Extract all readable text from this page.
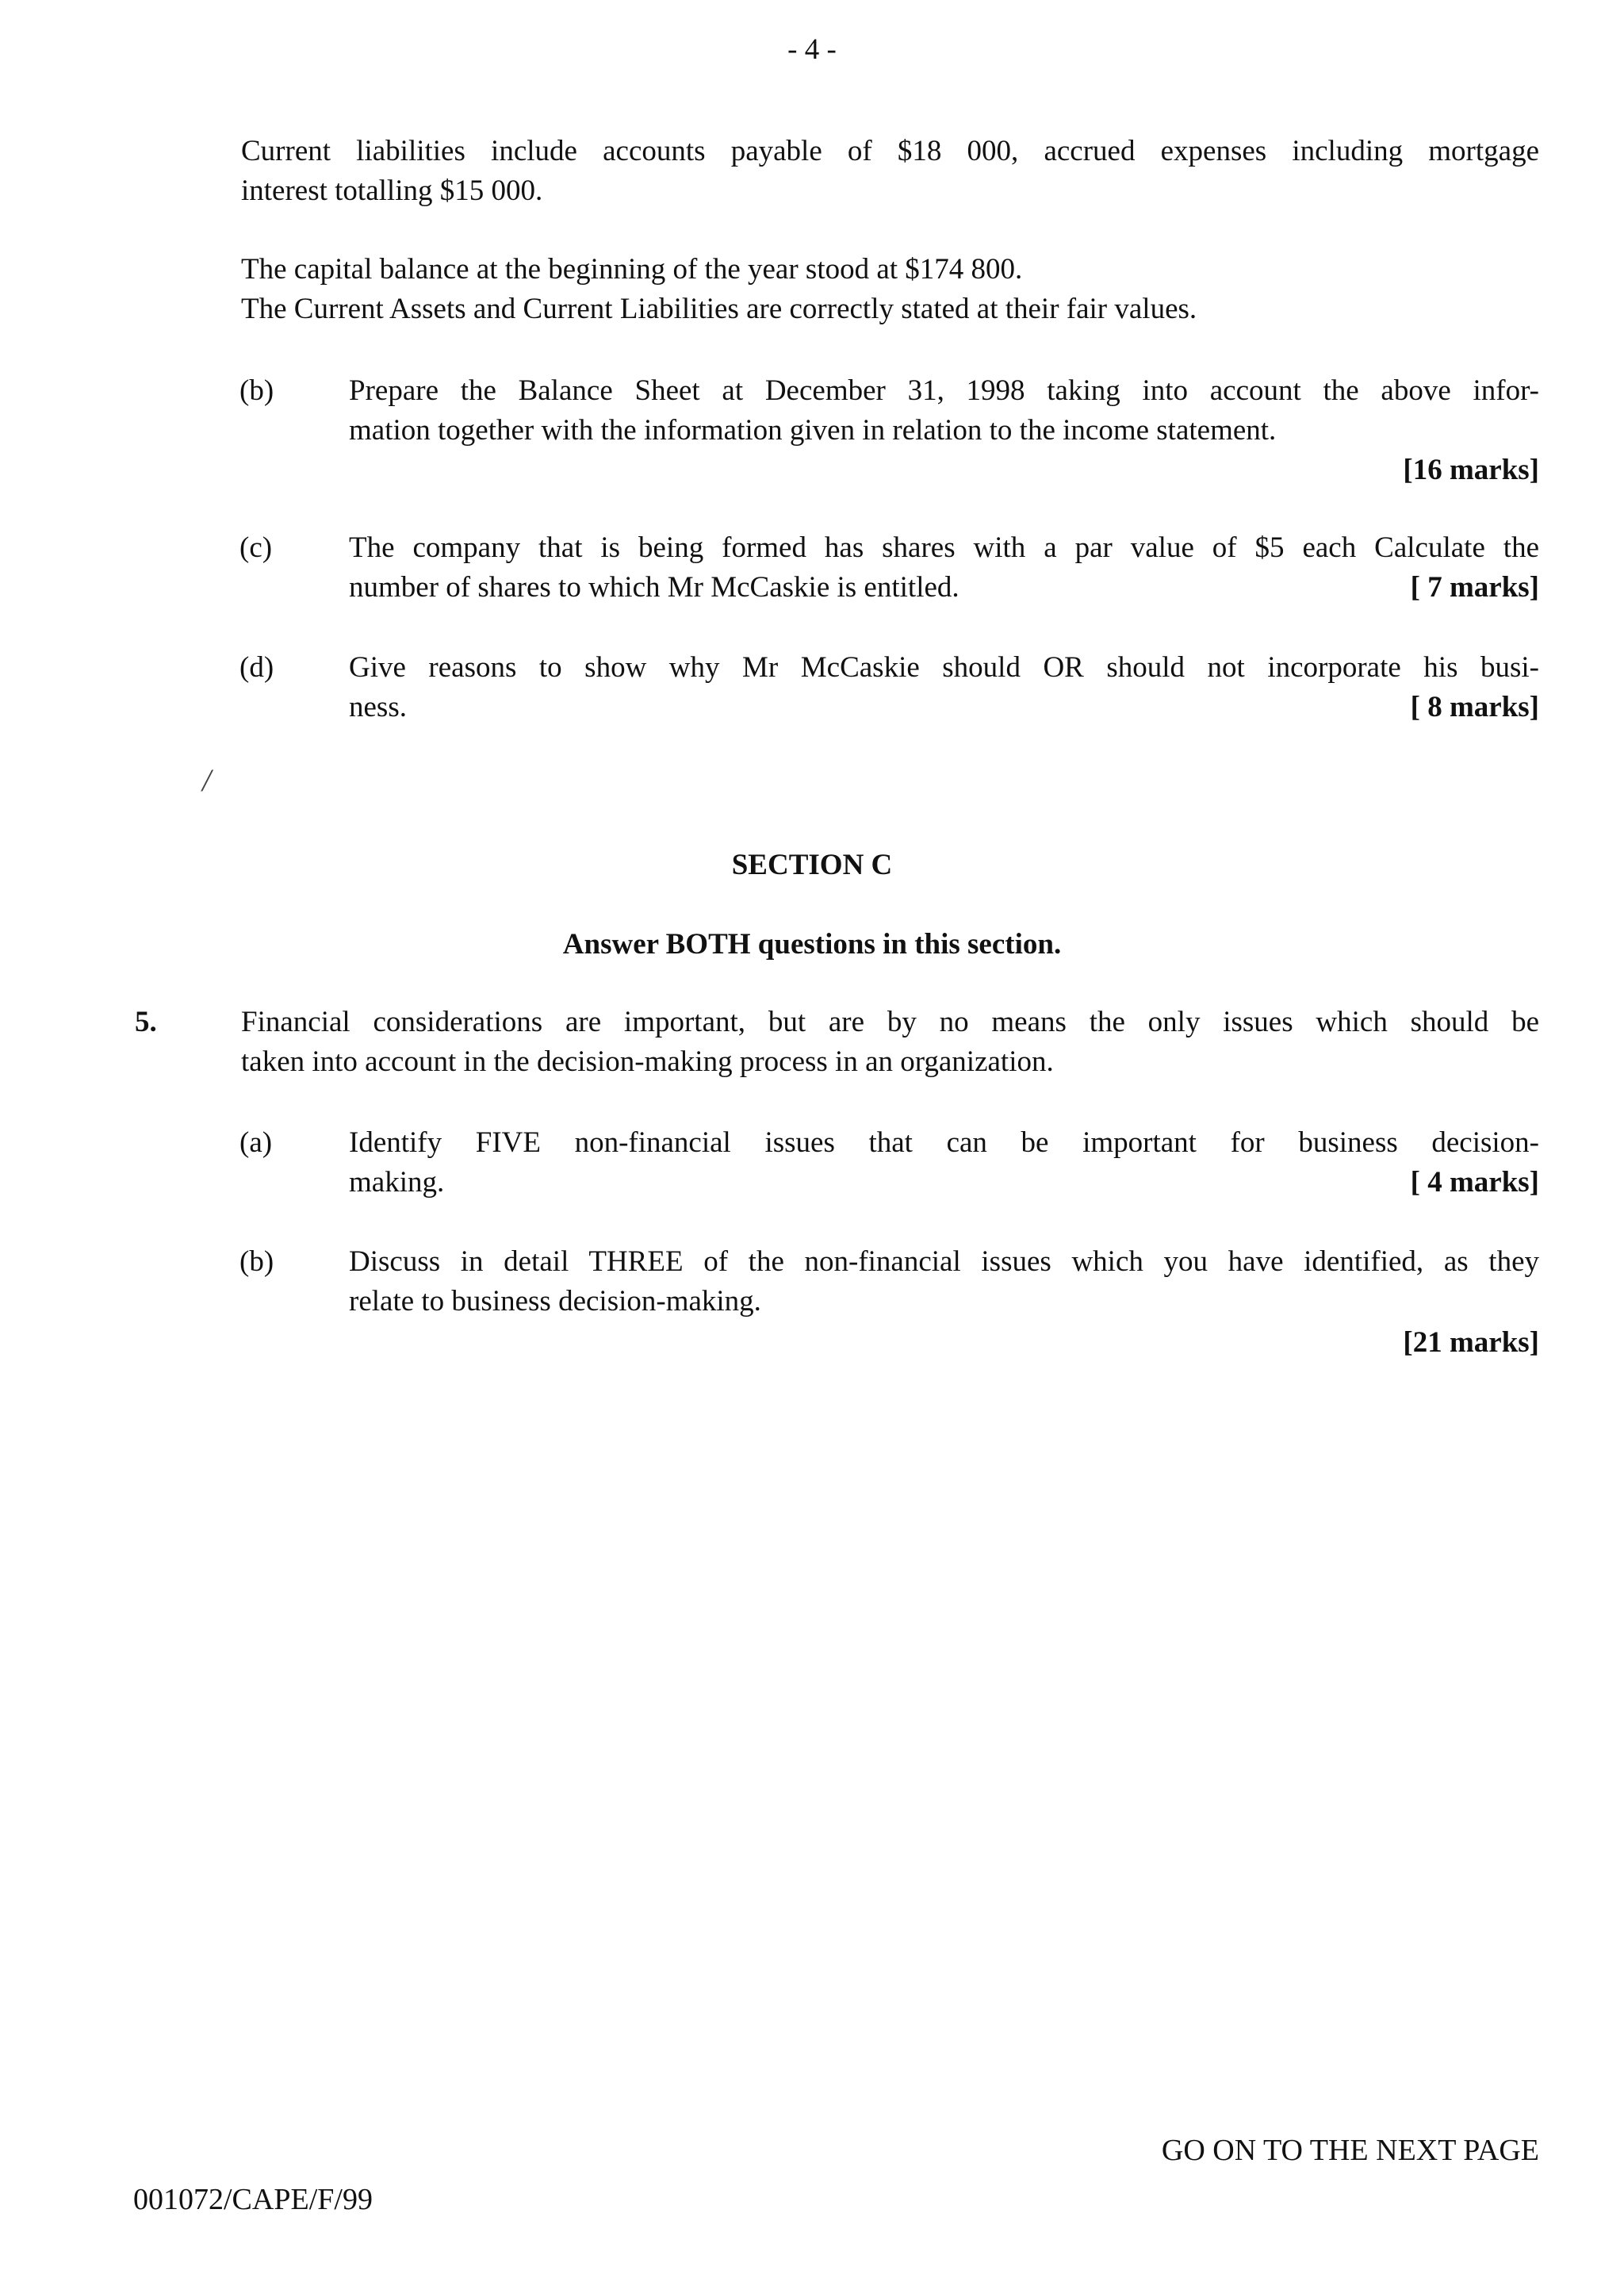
- 4 -
Current liabilities include accounts payable of $18 000, accrued expenses including mortgage
interest totalling $15 000.
The capital balance at the beginning of the year stood at $174 800.
The Current Assets and Current Liabilities are correctly stated at their fair values.
(b)	Prepare the Balance Sheet at December 31, 1998 taking into account the above infor-
mation together with the information given in relation to the income statement.
[16 marks]
(c)	The company that is being formed has shares with a par value of $5 each Calculate the
number of shares to which Mr McCaskie is entitled.	[ 7 marks]
(d)	Give reasons to show why Mr McCaskie should OR should not incorporate his busi-
ness.	[ 8 marks]
/
SECTION C
Answer BOTH questions in this section.
5.	Financial considerations are important, but are by no means the only issues which should be
taken into account in the decision-making process in an organization.
(a)	Identify FIVE non-financial issues that can be important for business decision-
making.	[ 4 marks]
(b)	Discuss in detail THREE of the non-financial issues which you have identified, as they
relate to business decision-making.
[21 marks]
GO ON TO THE NEXT PAGE
001072/CAPE/F/99
